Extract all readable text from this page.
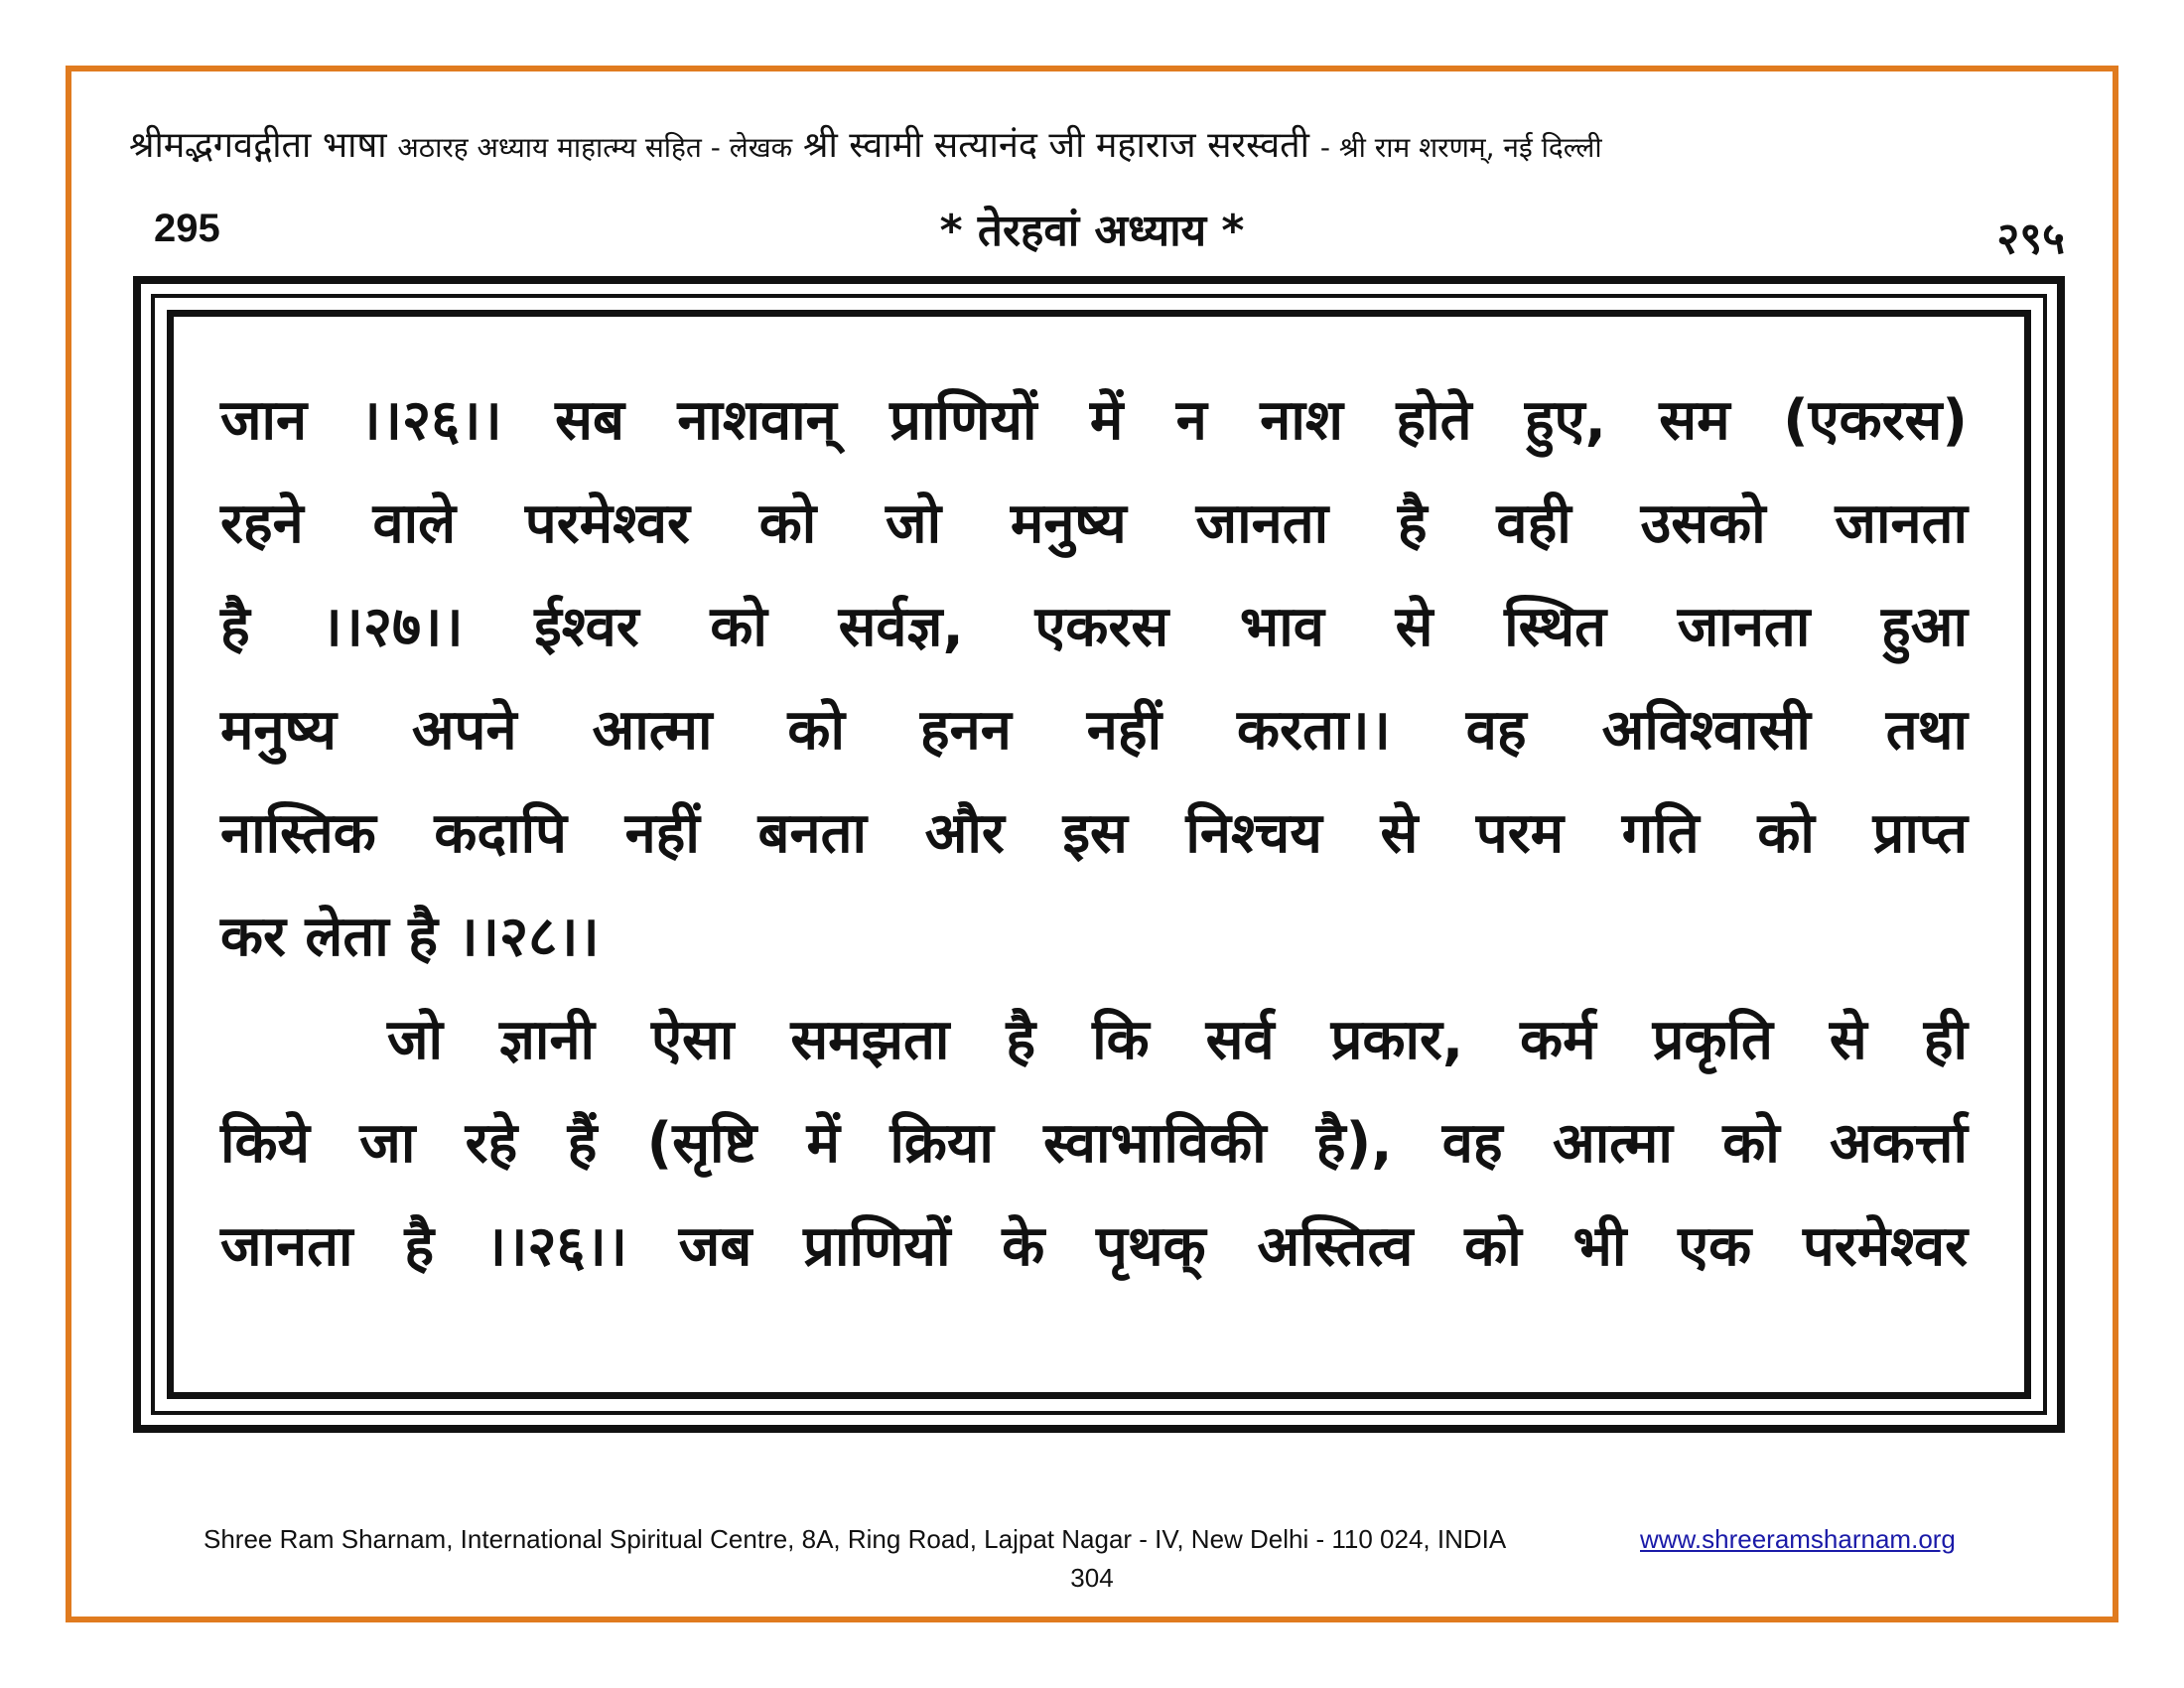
श्रीमद्भगवद्गीता भाषा अठारह अध्याय माहात्म्य सहित - लेखक श्री स्वामी सत्यानंद जी महाराज सरस्वती - श्री राम शरणम्, नई दिल्ली
295	* तेरहवां अध्याय *	२९५
जान ।।२६।। सब नाशवान् प्राणियों में न नाश होते हुए, सम (एकरस)
रहने वाले परमेश्वर को जो मनुष्य जानता है वही उसको जानता
है ।।२७।। ईश्वर को सर्वज्ञ, एकरस भाव से स्थित जानता हुआ
मनुष्य अपने आत्मा को हनन नहीं करता।। वह अविश्वासी तथा
नास्तिक कदापि नहीं बनता और इस निश्चय से परम गति को प्राप्त
कर लेता है ।।२८।।
जो ज्ञानी ऐसा समझता है कि सर्व प्रकार, कर्म प्रकृति से ही
किये जा रहे हैं (सृष्टि में क्रिया स्वाभाविकी है), वह आत्मा को अकर्त्ता
जानता है ।।२६।। जब प्राणियों के पृथक् अस्तित्व को भी एक परमेश्वर
Shree Ram Sharnam, International Spiritual Centre, 8A, Ring Road, Lajpat Nagar - IV, New Delhi - 110 024, INDIA	www.shreeramsharnam.org
304
